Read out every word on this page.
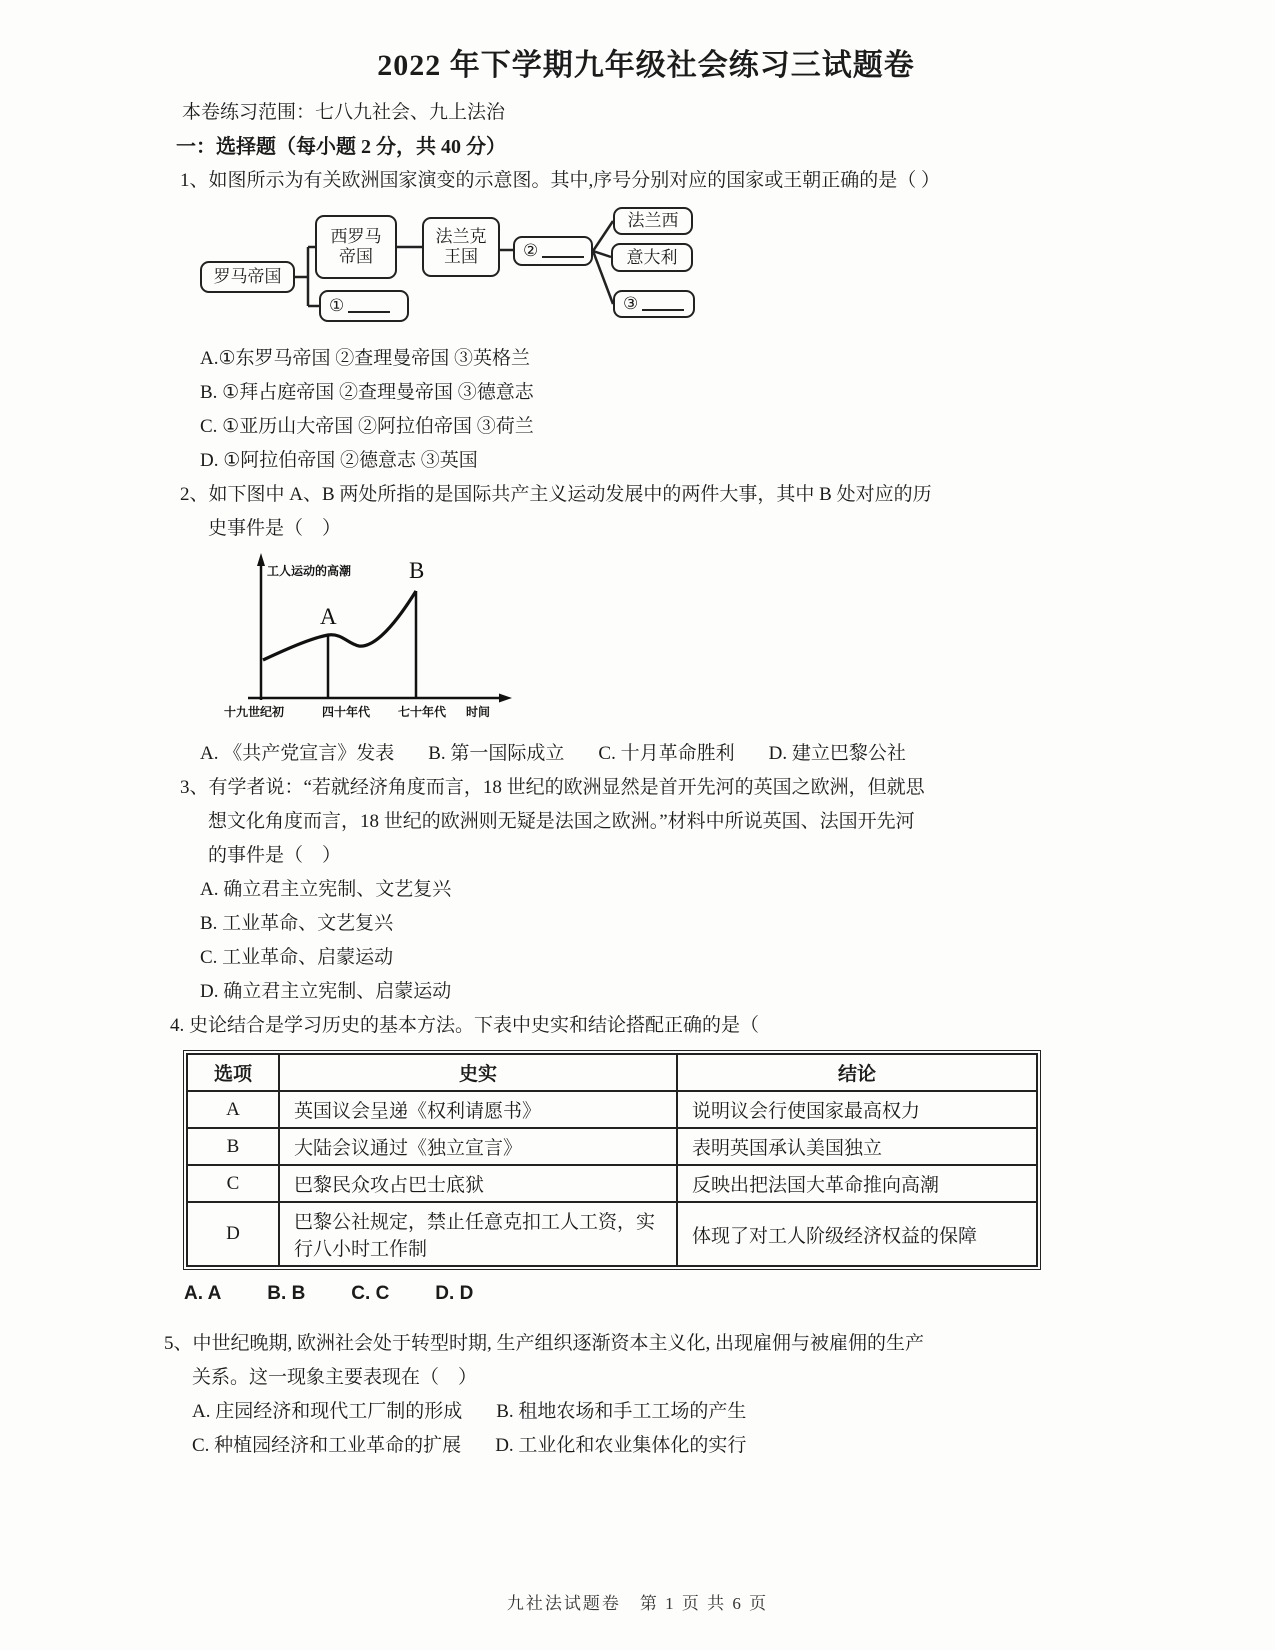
2022 年下学期九年级社会练习三试题卷
本卷练习范围：七八九社会、九上法治
一：选择题（每小题 2 分，共 40 分）
1、如图所示为有关欧洲国家演变的示意图。其中,序号分别对应的国家或王朝正确的是（ ）
罗马帝国
西罗马
帝国
①
法兰克
王国	②
法兰西
意大利
③
A.①东罗马帝国 ②查理曼帝国 ③英格兰
B. ①拜占庭帝国 ②查理曼帝国 ③德意志
C. ①亚历山大帝国 ②阿拉伯帝国 ③荷兰
D. ①阿拉伯帝国 ②德意志 ③英国
2、如下图中 A、B 两处所指的是国际共产主义运动发展中的两件大事，其中 B 处对应的历
史事件是（　）
工人运动的高潮
A
B
十九世纪初	四十年代 七十年代 时间
A. 《共产党宣言》发表 B. 第一国际成立 C. 十月革命胜利 D. 建立巴黎公社
3、有学者说：“若就经济角度而言，18 世纪的欧洲显然是首开先河的英国之欧洲，但就思
想文化角度而言，18 世纪的欧洲则无疑是法国之欧洲。”材料中所说英国、法国开先河
的事件是（　）
A. 确立君主立宪制、文艺复兴
B. 工业革命、文艺复兴
C. 工业革命、启蒙运动
D. 确立君主立宪制、启蒙运动
4. 史论结合是学习历史的基本方法。下表中史实和结论搭配正确的是（
选项	史实	结论
A	英国议会呈递《权利请愿书》	说明议会行使国家最高权力
B	大陆会议通过《独立宣言》	表明英国承认美国独立
C	巴黎民众攻占巴士底狱	反映出把法国大革命推向高潮
D	巴黎公社规定，禁止任意克扣工人工资，实行八小时工作制	体现了对工人阶级经济权益的保障
A. A B. B C. C D. D
5、中世纪晚期, 欧洲社会处于转型时期, 生产组织逐渐资本主义化, 出现雇佣与被雇佣的生产
关系。这一现象主要表现在（　）
A. 庄园经济和现代工厂制的形成 B. 租地农场和手工工场的产生
C. 种植园经济和工业革命的扩展 D. 工业化和农业集体化的实行
九社法试题卷　第 1 页 共 6 页
